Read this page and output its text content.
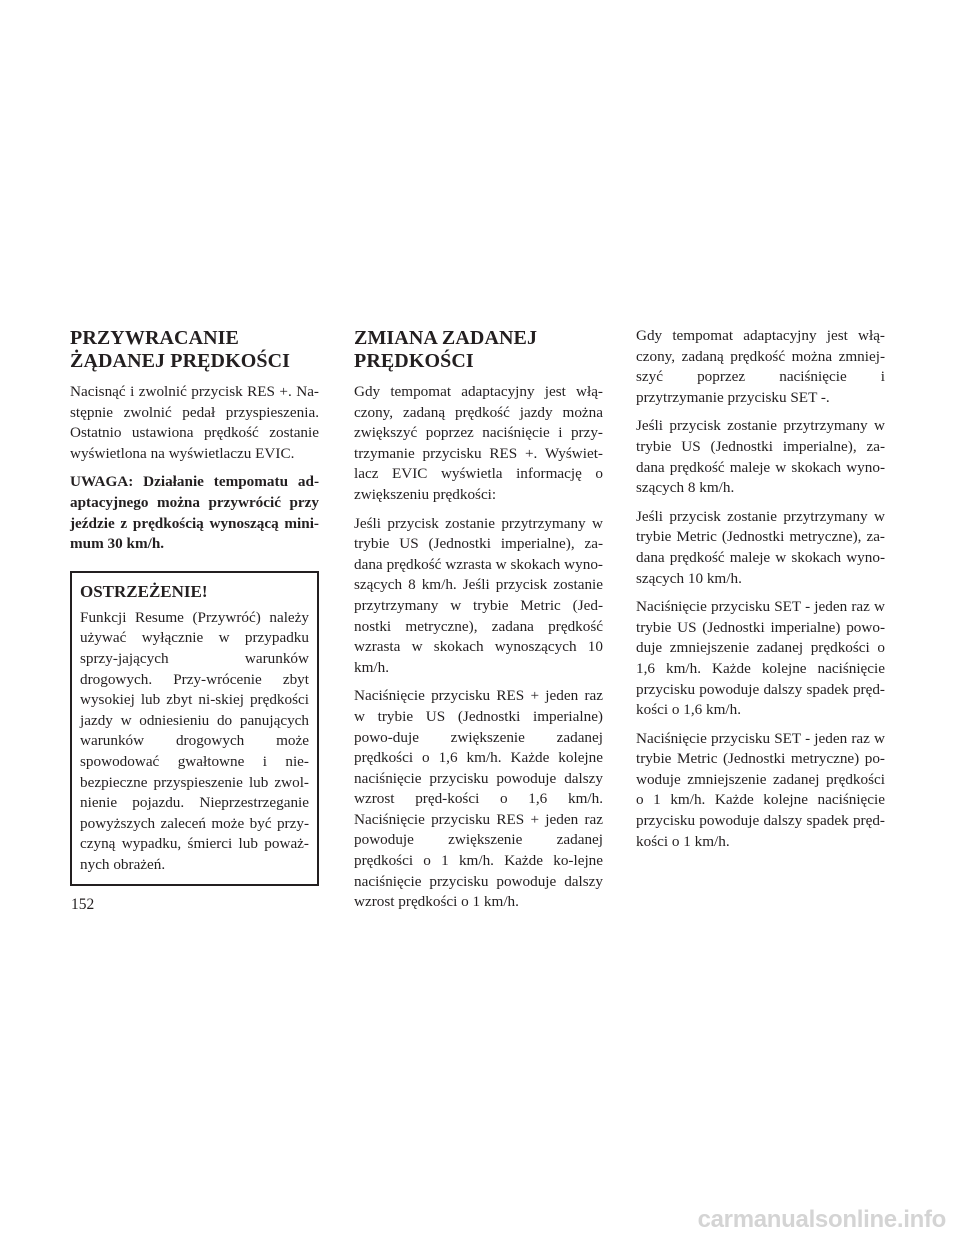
PRZYWRACANIE
ŻĄDANEJ PRĘDKOŚCI

Nacisnąć i zwolnić przycisk RES +. Na-stępnie zwolnić pedał przyspieszenia. Ostatnio ustawiona prędkość zostanie wyświetlona na wyświetlaczu EVIC.

UWAGA: Działanie tempomatu ad-aptacyjnego można przywrócić przy jeździe z prędkością wynoszącą mini-mum 30 km/h.

OSTRZEŻENIE!

Funkcji Resume (Przywróć) należy używać wyłącznie w przypadku sprzy-jających warunków drogowych. Przy-wrócenie zbyt wysokiej lub zbyt ni-skiej prędkości jazdy w odniesieniu do panujących warunków drogowych może spowodować gwałtowne i nie-bezpieczne przyspieszenie lub zwol-nienie pojazdu. Nieprzestrzeganie powyższych zaleceń może być przy-czyną wypadku, śmierci lub poważ-nych obrażeń.

ZMIANA ZADANEJ
PRĘDKOŚCI

Gdy tempomat adaptacyjny jest włą-czony, zadaną prędkość jazdy można zwiększyć poprzez naciśnięcie i przy-trzymanie przycisku RES +. Wyświet-lacz EVIC wyświetla informację o zwiększeniu prędkości:

Jeśli przycisk zostanie przytrzymany w trybie US (Jednostki imperialne), za-dana prędkość wzrasta w skokach wyno-szących 8 km/h. Jeśli przycisk zostanie przytrzymany w trybie Metric (Jed-nostki metryczne), zadana prędkość wzrasta w skokach wynoszących 10 km/h.

Naciśnięcie przycisku RES + jeden raz w trybie US (Jednostki imperialne) powo-duje zwiększenie zadanej prędkości o 1,6 km/h. Każde kolejne naciśnięcie przycisku powoduje dalszy wzrost pręd-kości o 1,6 km/h. Naciśnięcie przycisku RES + jeden raz powoduje zwiększenie zadanej prędkości o 1 km/h. Każde ko-lejne naciśnięcie przycisku powoduje dalszy wzrost prędkości o 1 km/h.

Gdy tempomat adaptacyjny jest włą-czony, zadaną prędkość można zmniej-szyć poprzez naciśnięcie i przytrzymanie przycisku SET -.

Jeśli przycisk zostanie przytrzymany w trybie US (Jednostki imperialne), za-dana prędkość maleje w skokach wyno-szących 8 km/h.

Jeśli przycisk zostanie przytrzymany w trybie Metric (Jednostki metryczne), za-dana prędkość maleje w skokach wyno-szących 10 km/h.

Naciśnięcie przycisku SET - jeden raz w trybie US (Jednostki imperialne) powo-duje zmniejszenie zadanej prędkości o 1,6 km/h. Każde kolejne naciśnięcie przycisku powoduje dalszy spadek pręd-kości o 1,6 km/h.

Naciśnięcie przycisku SET - jeden raz w trybie Metric (Jednostki metryczne) po-woduje zmniejszenie zadanej prędkości o 1 km/h. Każde kolejne naciśnięcie przycisku powoduje dalszy spadek pręd-kości o 1 km/h.

152
carmanualsonline.info
